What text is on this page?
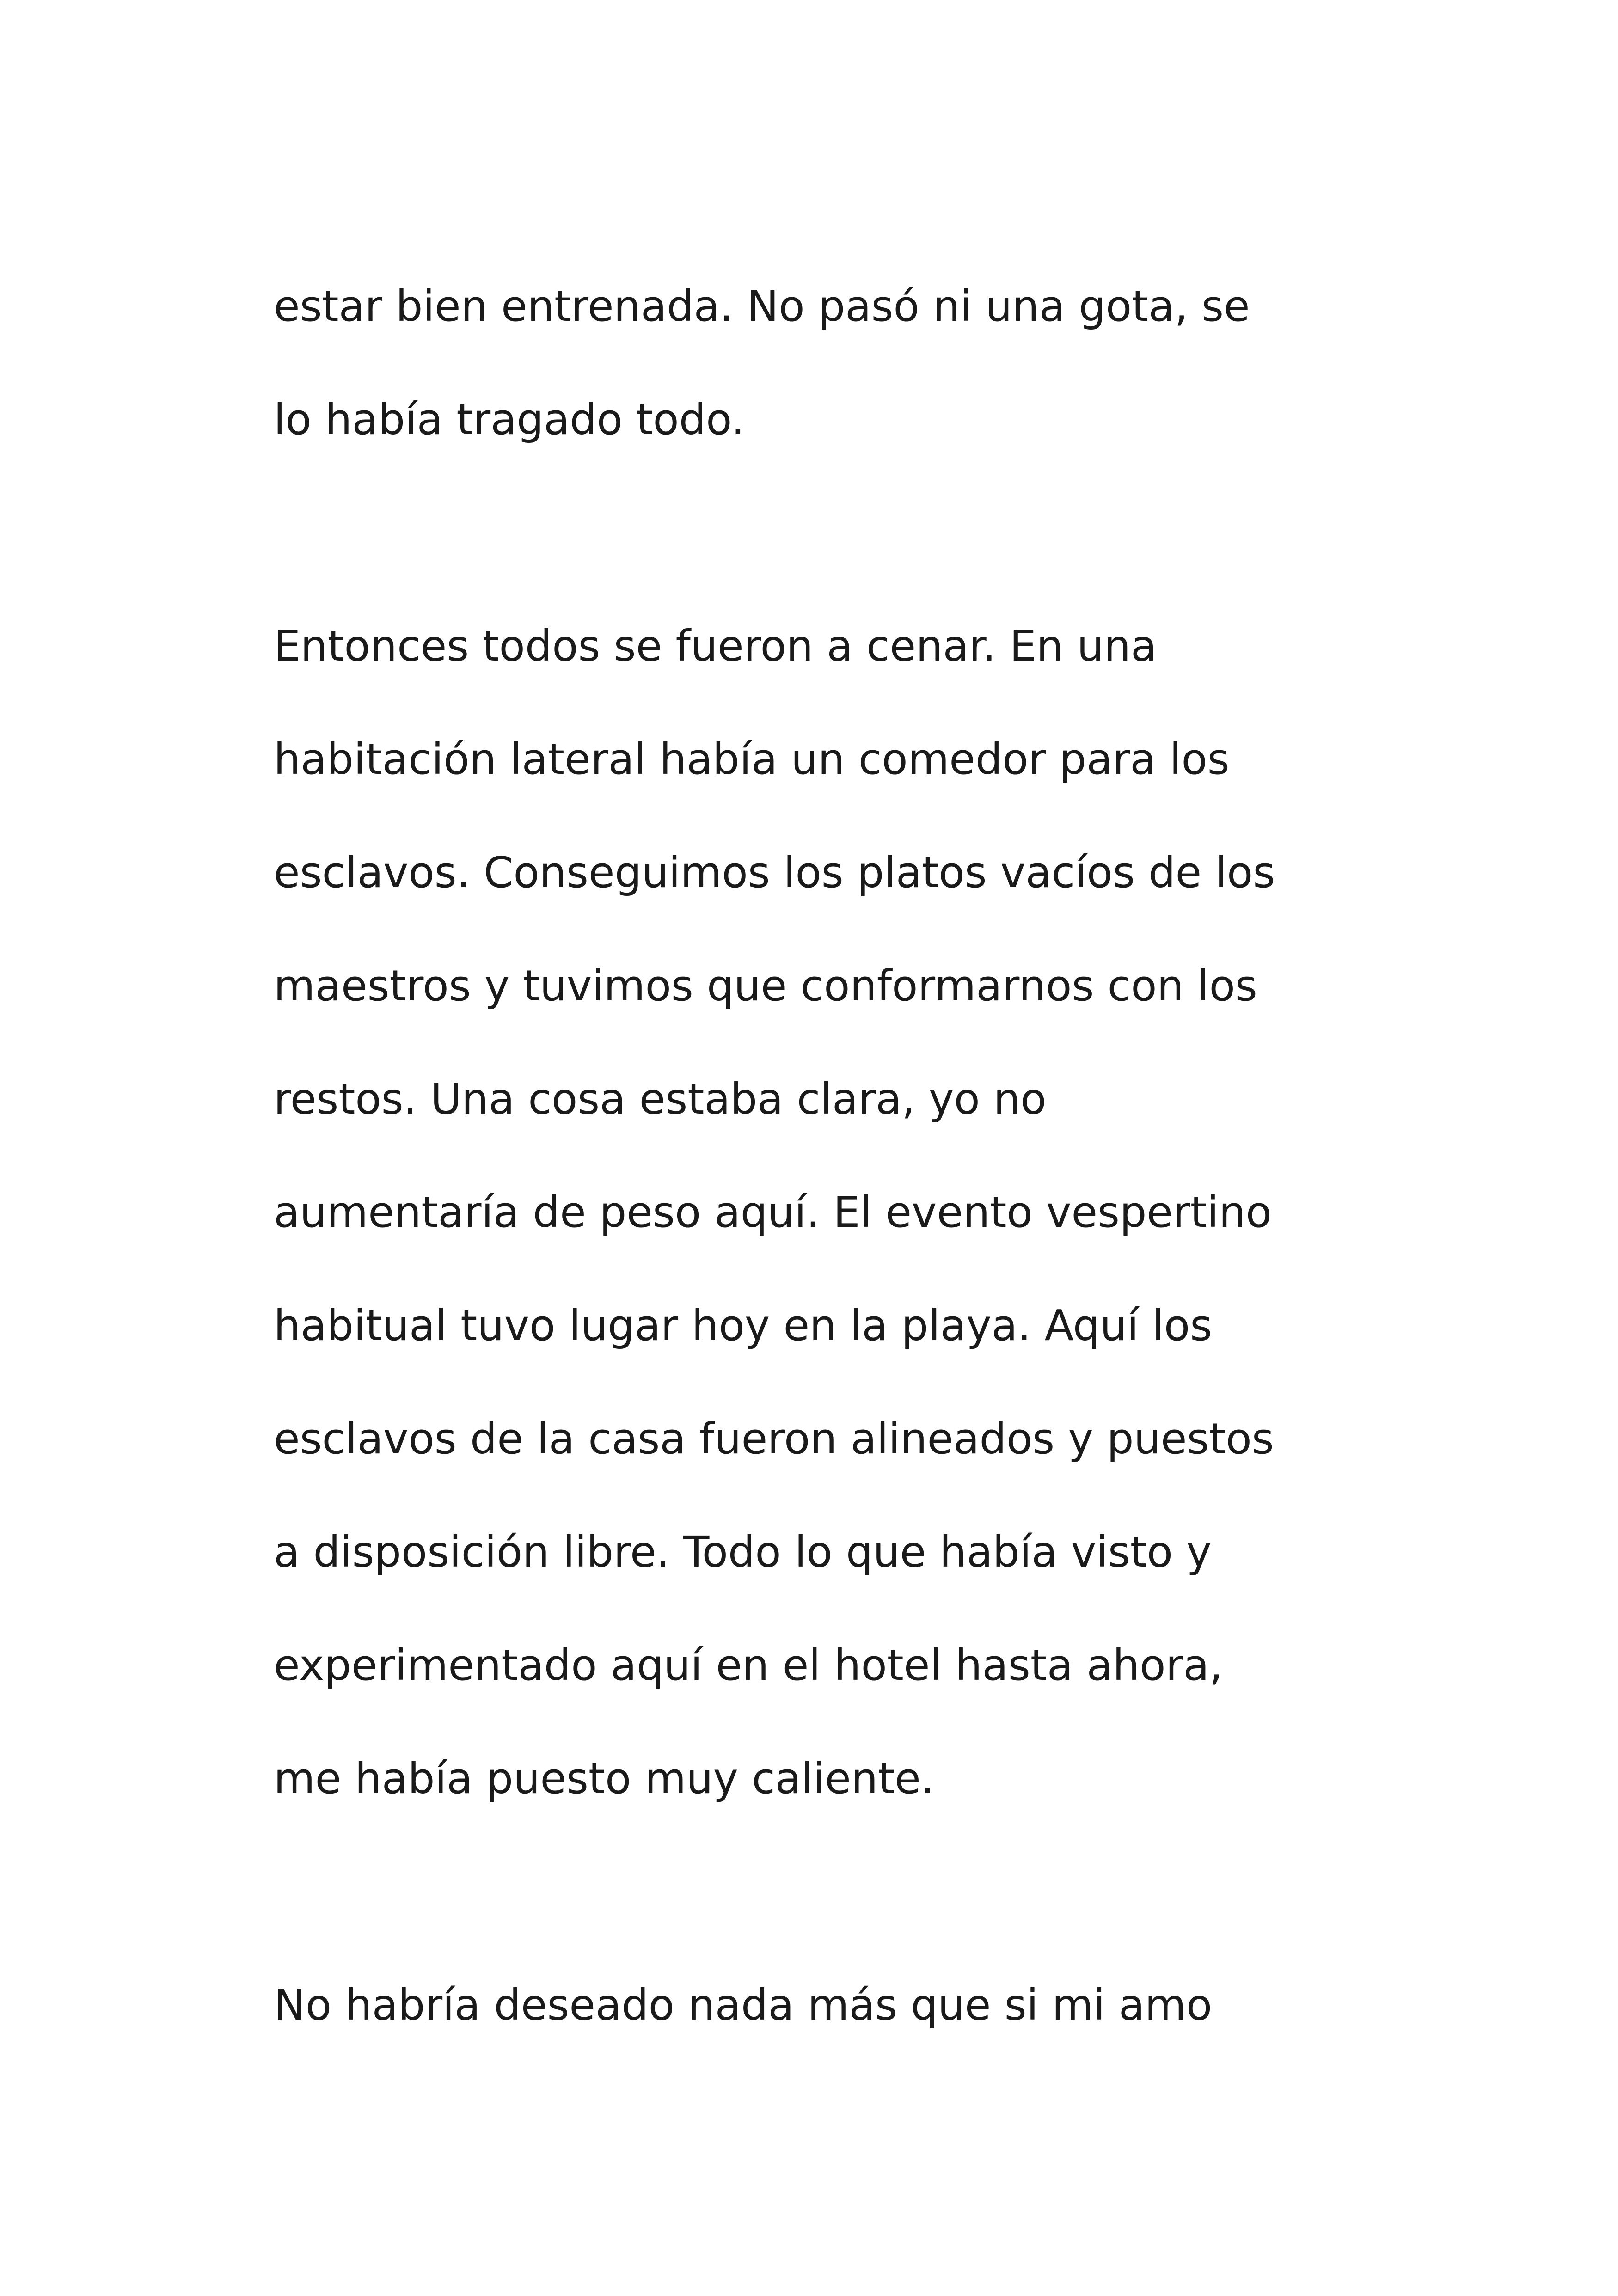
estar bien entrenada. No pasó ni una gota, se

lo había tragado todo.

Entonces todos se fueron a cenar. En una

habitación lateral había un comedor para los

esclavos. Conseguimos los platos vacíos de los

maestros y tuvimos que conformarnos con los

restos. Una cosa estaba clara, yo no

aumentaría de peso aquí. El evento vespertino

habitual tuvo lugar hoy en la playa. Aquí los

esclavos de la casa fueron alineados y puestos

a disposición libre. Todo lo que había visto y

experimentado aquí en el hotel hasta ahora,

me había puesto muy caliente.

No habría deseado nada más que si mi amo
